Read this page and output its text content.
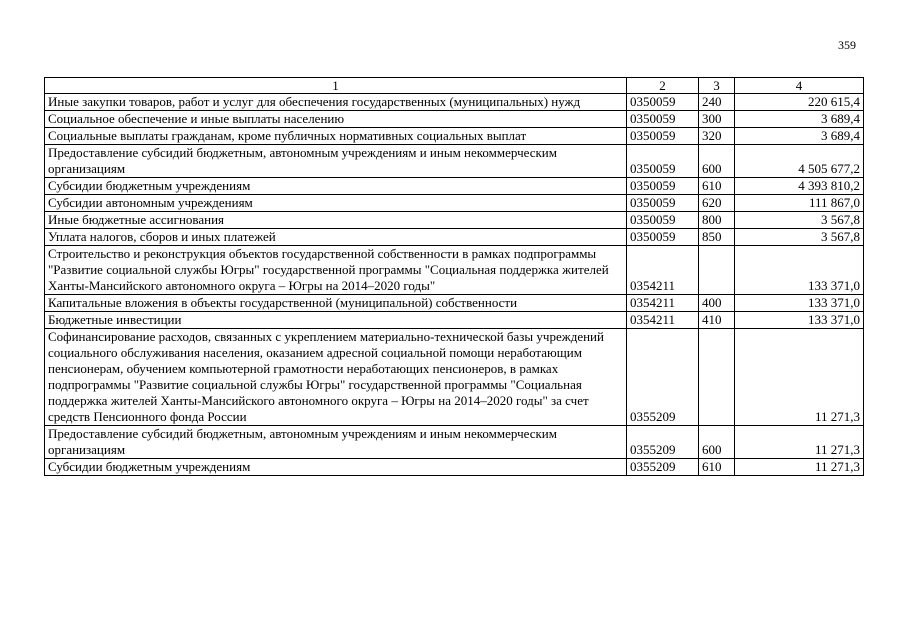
359
1	2	3	4
Иные закупки товаров, работ и услуг для обеспечения государственных (муниципальных) нужд	0350059	240	220 615,4
Социальное обеспечение и иные выплаты населению	0350059	300	3 689,4
Социальные выплаты гражданам, кроме публичных нормативных социальных выплат	0350059	320	3 689,4
Предоставление субсидий бюджетным, автономным учреждениям и иным некоммерческим организациям	0350059	600	4 505 677,2
Субсидии бюджетным учреждениям	0350059	610	4 393 810,2
Субсидии автономным учреждениям	0350059	620	111 867,0
Иные бюджетные ассигнования	0350059	800	3 567,8
Уплата налогов, сборов и иных платежей	0350059	850	3 567,8
Строительство и реконструкция объектов государственной собственности в рамках подпрограммы "Развитие социальной службы Югры" государственной программы "Социальная поддержка жителей Ханты-Мансийского автономного округа – Югры на 2014–2020 годы"	0354211		133 371,0
Капитальные вложения в объекты государственной (муниципальной) собственности	0354211	400	133 371,0
Бюджетные инвестиции	0354211	410	133 371,0
Софинансирование расходов, связанных с укреплением материально-технической базы учреждений социального обслуживания населения, оказанием адресной социальной помощи неработающим пенсионерам, обучением компьютерной грамотности неработающих пенсионеров, в рамках подпрограммы "Развитие социальной службы Югры" государственной программы "Социальная поддержка жителей Ханты-Мансийского автономного округа – Югры на 2014–2020 годы" за счет средств Пенсионного фонда России	0355209		11 271,3
Предоставление субсидий бюджетным, автономным учреждениям и иным некоммерческим организациям	0355209	600	11 271,3
Субсидии бюджетным учреждениям	0355209	610	11 271,3
